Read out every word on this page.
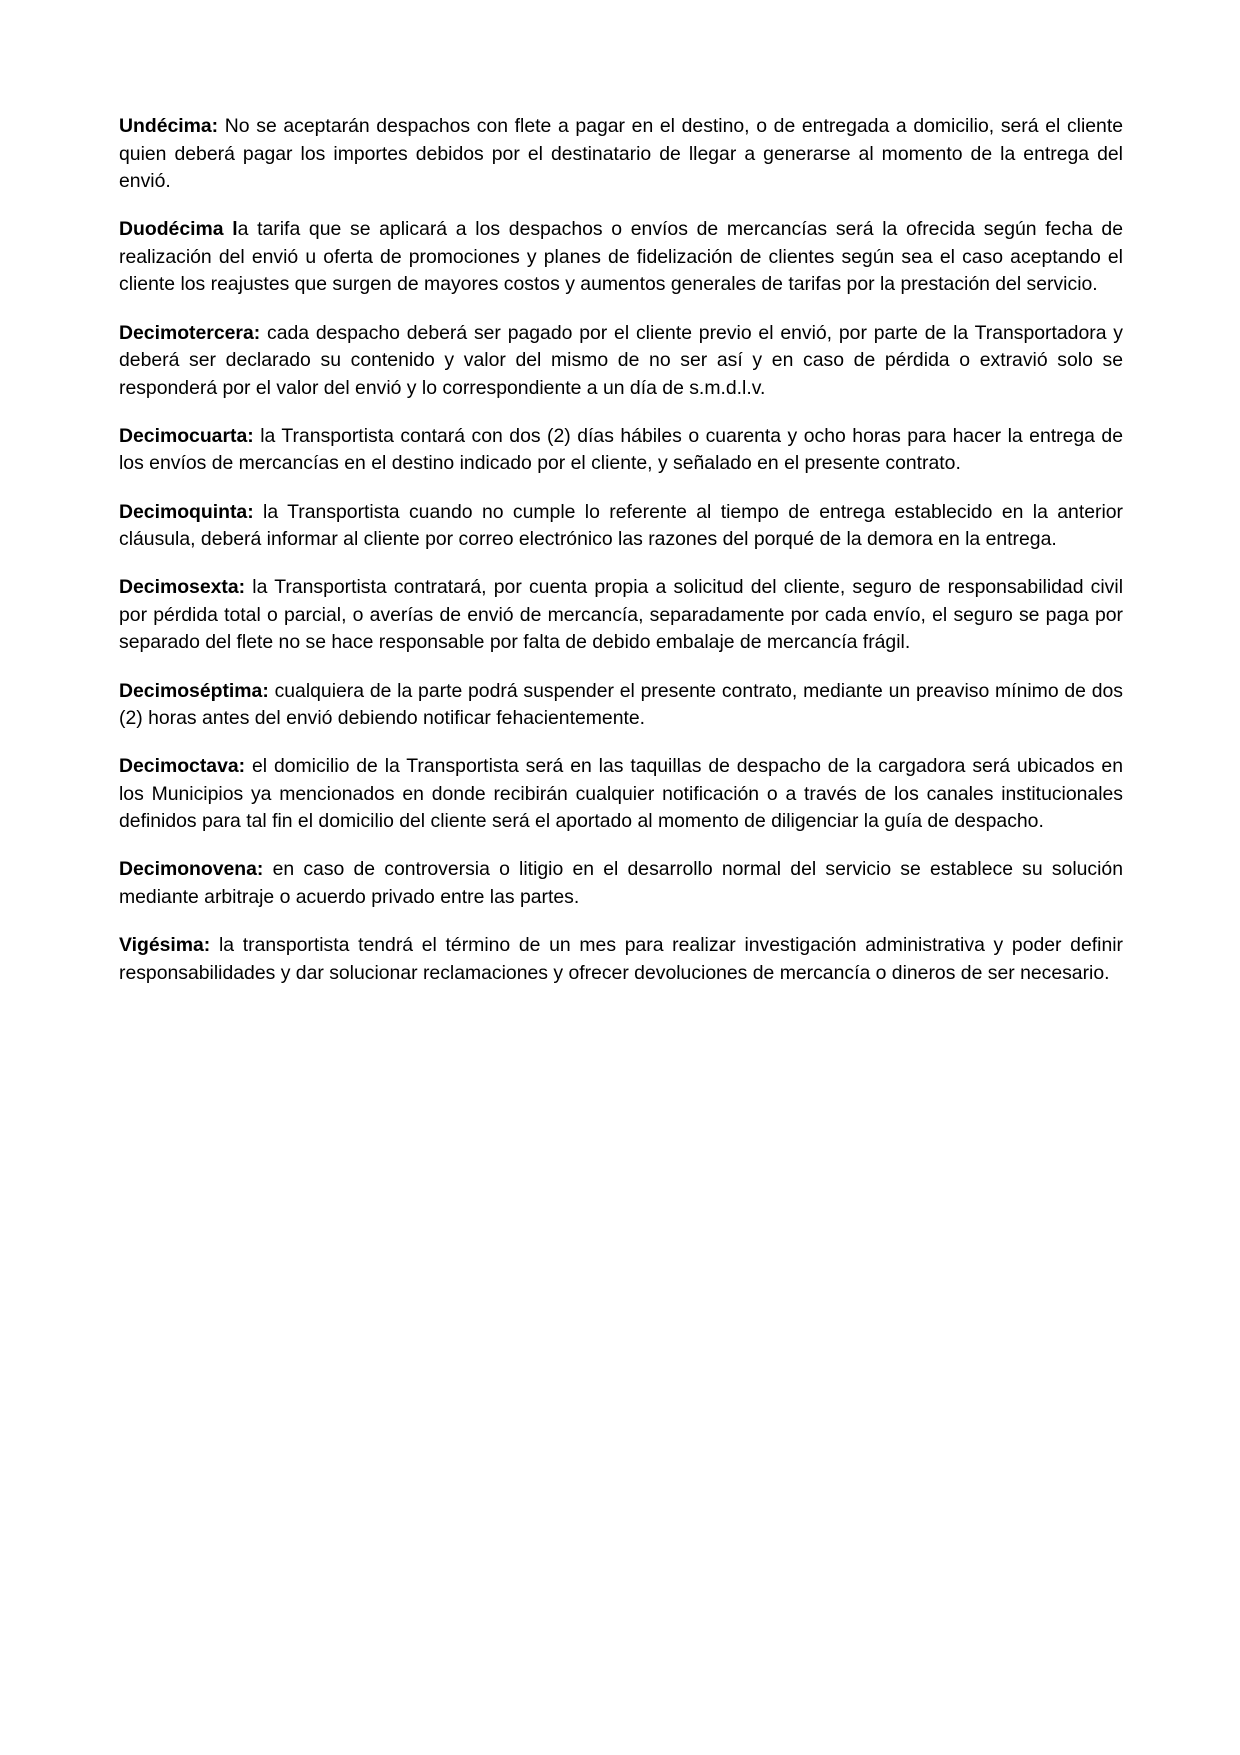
Undécima: No se aceptarán despachos con flete a pagar en el destino, o de entregada a domicilio, será el cliente quien deberá pagar los importes debidos por el destinatario de llegar a generarse al momento de la entrega del envió.

Duodécima la tarifa que se aplicará a los despachos o envíos de mercancías será la ofrecida según fecha de realización del envió u oferta de promociones y planes de fidelización de clientes según sea el caso aceptando el cliente los reajustes que surgen de mayores costos y aumentos generales de tarifas por la prestación del servicio.

Decimotercera: cada despacho deberá ser pagado por el cliente previo el envió, por parte de la Transportadora y deberá ser declarado su contenido y valor del mismo de no ser así y en caso de pérdida o extravió solo se responderá por el valor del envió y lo correspondiente a un día de s.m.d.l.v.

Decimocuarta: la Transportista contará con dos (2) días hábiles o cuarenta y ocho horas para hacer la entrega de los envíos de mercancías en el destino indicado por el cliente, y señalado en el presente contrato.

Decimoquinta: la Transportista cuando no cumple lo referente al tiempo de entrega establecido en la anterior cláusula, deberá informar al cliente por correo electrónico las razones del porqué de la demora en la entrega.

Decimosexta: la Transportista contratará, por cuenta propia a solicitud del cliente, seguro de responsabilidad civil por pérdida total o parcial, o averías de envió de mercancía, separadamente por cada envío, el seguro se paga por separado del flete no se hace responsable por falta de debido embalaje de mercancía frágil.

Decimoséptima: cualquiera de la parte podrá suspender el presente contrato, mediante un preaviso mínimo de dos (2) horas antes del envió debiendo notificar fehacientemente.

Decimoctava: el domicilio de la Transportista será en las taquillas de despacho de la cargadora será ubicados en los Municipios ya mencionados en donde recibirán cualquier notificación o a través de los canales institucionales definidos para tal fin el domicilio del cliente será el aportado al momento de diligenciar la guía de despacho.

Decimonovena: en caso de controversia o litigio en el desarrollo normal del servicio se establece su solución mediante arbitraje o acuerdo privado entre las partes.

Vigésima: la transportista tendrá el término de un mes para realizar investigación administrativa y poder definir responsabilidades y dar solucionar reclamaciones y ofrecer devoluciones de mercancía o dineros de ser necesario.
